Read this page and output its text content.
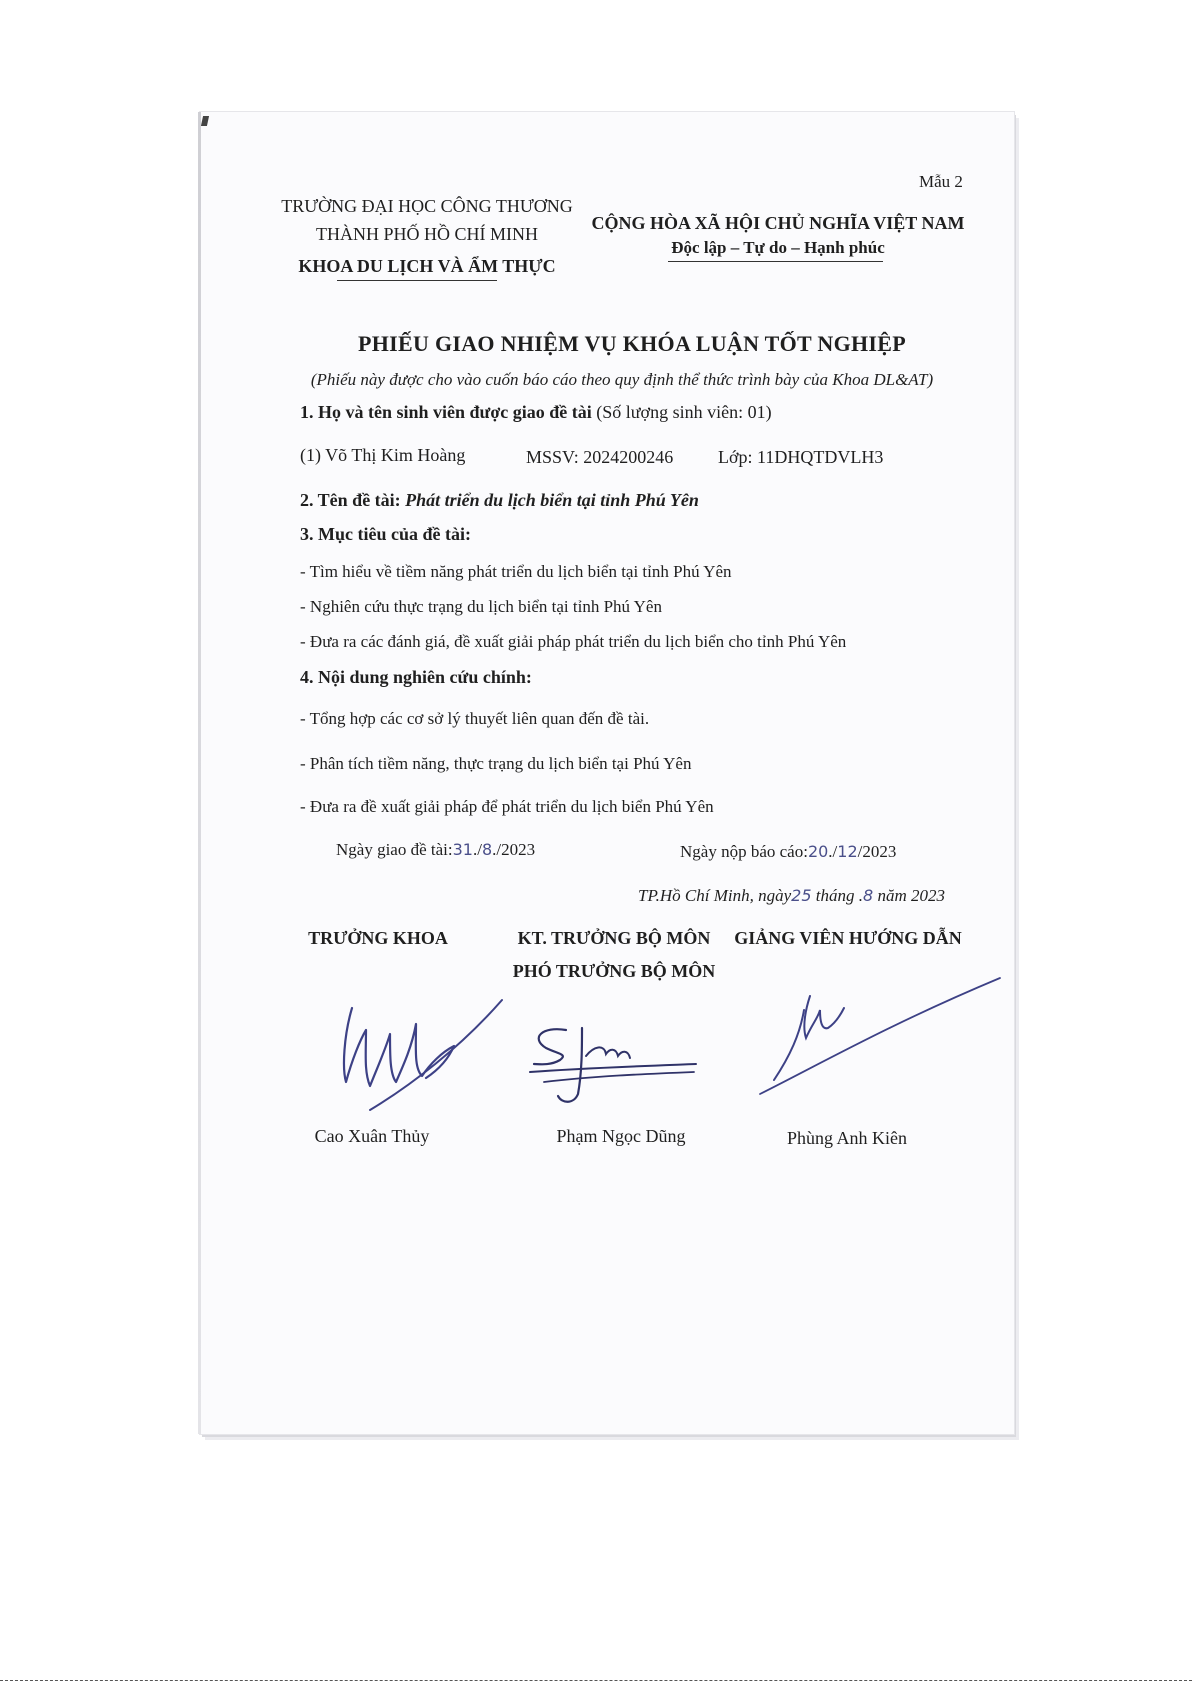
Mẫu 2
TRƯỜNG ĐẠI HỌC CÔNG THƯƠNG
THÀNH PHỐ HỒ CHÍ MINH
KHOA DU LỊCH VÀ ẨM THỰC
CỘNG HÒA XÃ HỘI CHỦ NGHĨA VIỆT NAM
Độc lập – Tự do – Hạnh phúc
PHIẾU GIAO NHIỆM VỤ KHÓA LUẬN TỐT NGHIỆP
(Phiếu này được cho vào cuốn báo cáo theo quy định thể thức trình bày của Khoa DL&AT)
1. Họ và tên sinh viên được giao đề tài (Số lượng sinh viên: 01)
(1) Võ Thị Kim Hoàng	MSSV: 2024200246 Lớp: 11DHQTDVLH3
2. Tên đề tài: Phát triển du lịch biển tại tỉnh Phú Yên
3. Mục tiêu của đề tài:
- Tìm hiểu về tiềm năng phát triển du lịch biển tại tỉnh Phú Yên
- Nghiên cứu thực trạng du lịch biển tại tỉnh Phú Yên
- Đưa ra các đánh giá, đề xuất giải pháp phát triển du lịch biển cho tỉnh Phú Yên
4. Nội dung nghiên cứu chính:
- Tổng hợp các cơ sở lý thuyết liên quan đến đề tài.
- Phân tích tiềm năng, thực trạng du lịch biển tại Phú Yên
- Đưa ra đề xuất giải pháp để phát triển du lịch biển Phú Yên
Ngày giao đề tài:31./8./2023	Ngày nộp báo cáo:20./12/2023
TP.Hồ Chí Minh, ngày25 tháng .8 năm 2023
TRƯỞNG KHOA	KT. TRƯỞNG BỘ MÔN
PHÓ TRƯỞNG BỘ MÔN
GIẢNG VIÊN HƯỚNG DẪN
Cao Xuân Thủy	Phạm Ngọc Dũng	Phùng Anh Kiên
